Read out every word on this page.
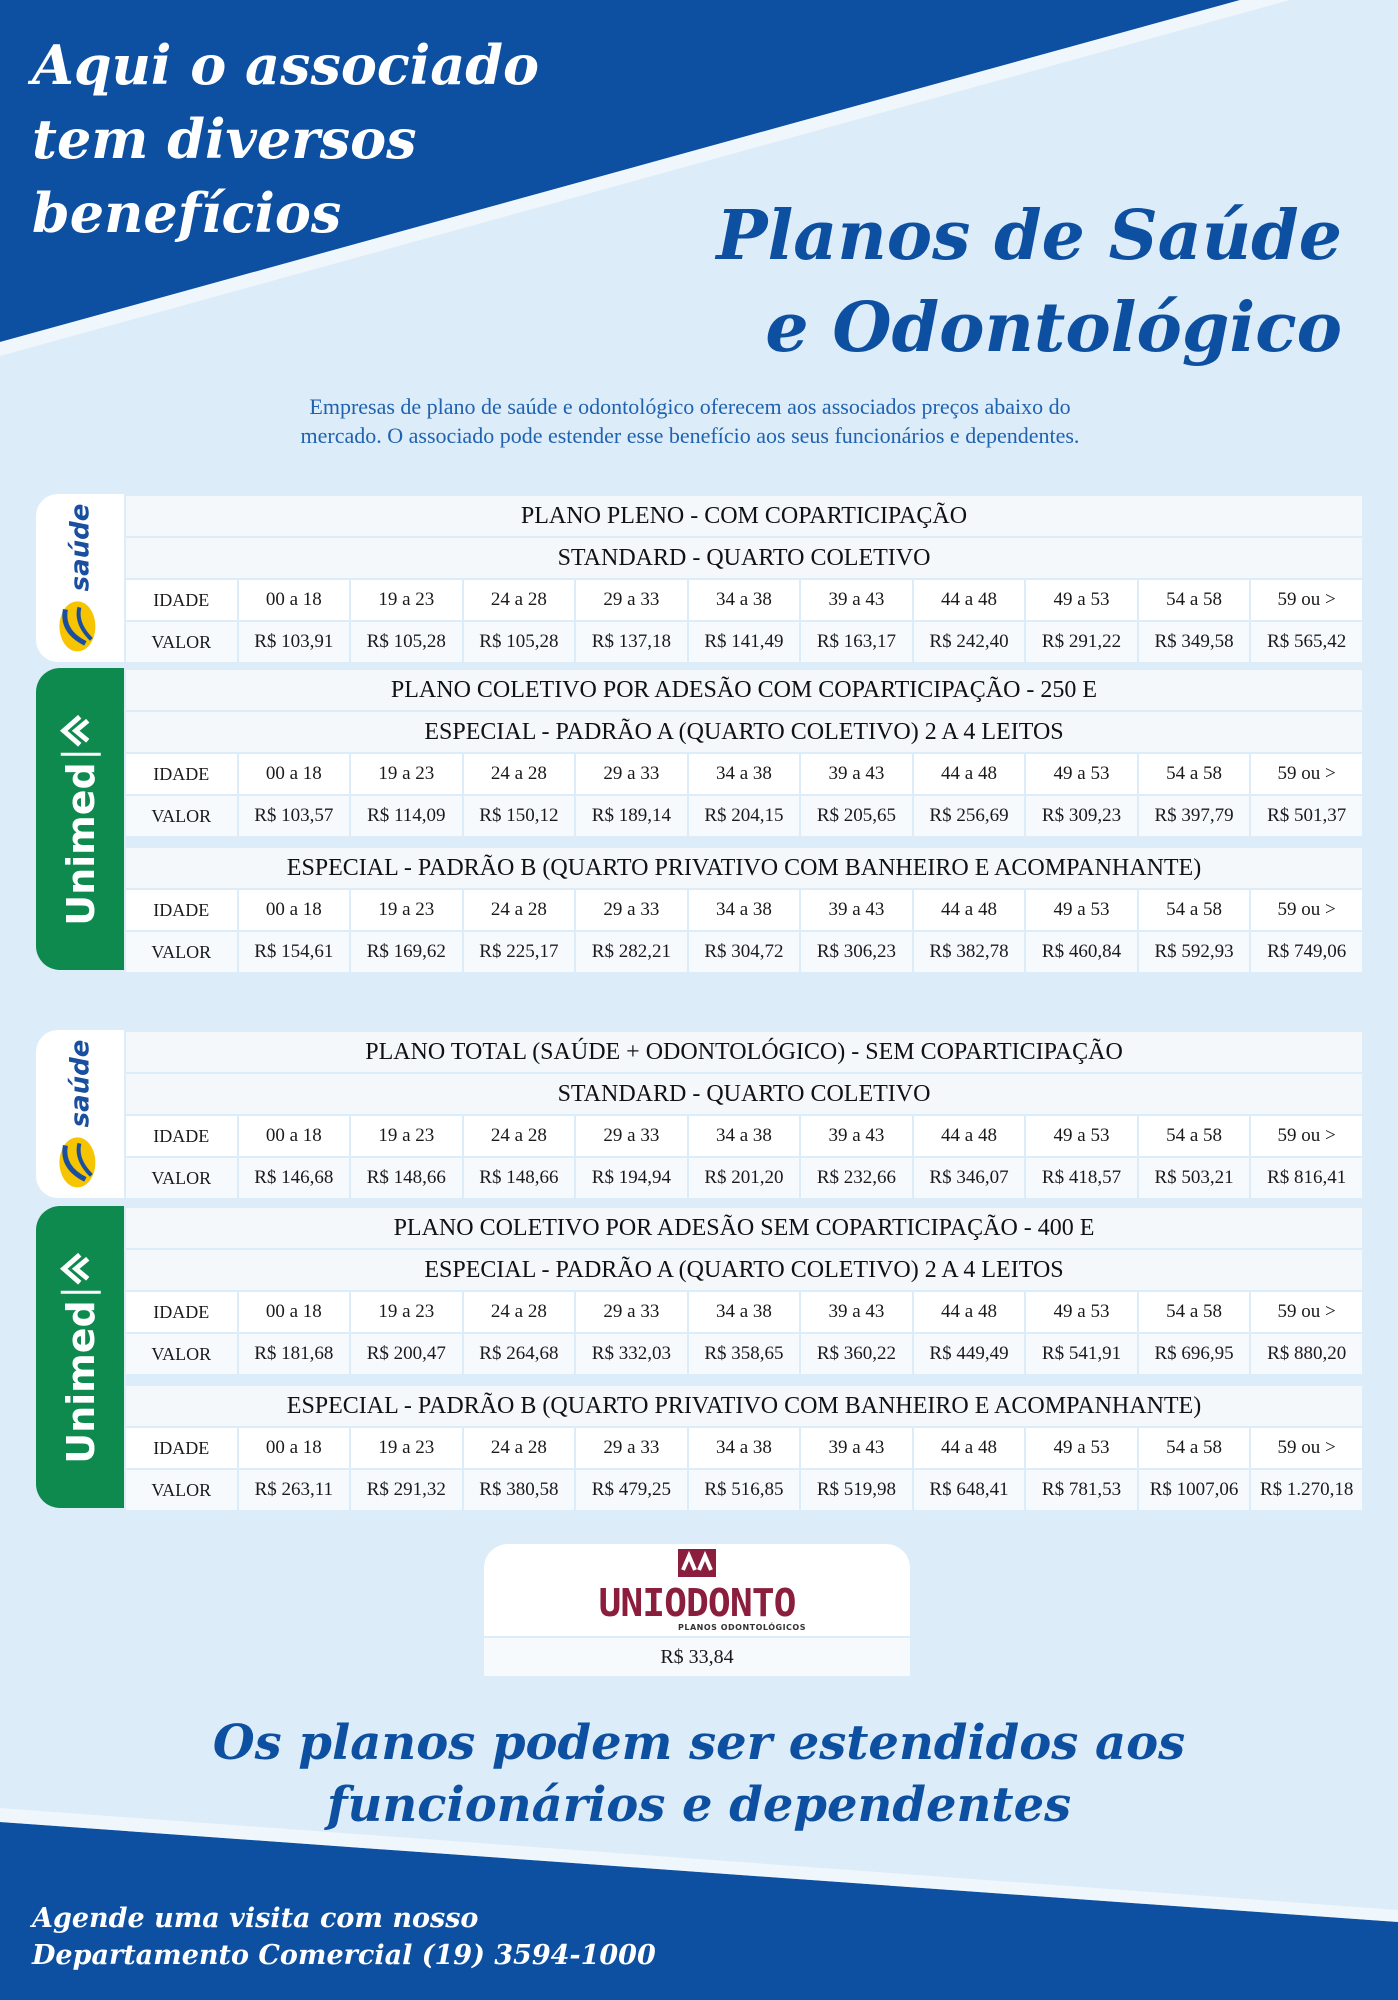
Aqui o associado
tem diversos
benefícios	Planos de Saúde
e Odontológico

Empresas de plano de saúde e odontológico oferecem aos associados preços abaixo do
mercado. O associado pode estender esse benefício aos seus funcionários e dependentes.

saúde	PLANO PLENO - COM COPARTICIPAÇÃO										
STANDARD - QUARTO COLETIVO										
IDADE	00 a 18	19 a 23	24 a 28	29 a 33	34 a 38	39 a 43	44 a 48	49 a 53	54 a 58	59 ou >
VALOR	R$ 103,91	R$ 105,28	R$ 105,28	R$ 137,18	R$ 141,49	R$ 163,17	R$ 242,40	R$ 291,22	R$ 349,58	R$ 565,42
Unimed
PLANO COLETIVO POR ADESÃO COM COPARTICIPAÇÃO - 250 E										
ESPECIAL - PADRÃO A (QUARTO COLETIVO) 2 A 4 LEITOS										
IDADE	00 a 18	19 a 23	24 a 28	29 a 33	34 a 38	39 a 43	44 a 48	49 a 53	54 a 58	59 ou >
VALOR	R$ 103,57	R$ 114,09	R$ 150,12	R$ 189,14	R$ 204,15	R$ 205,65	R$ 256,69	R$ 309,23	R$ 397,79	R$ 501,37
ESPECIAL - PADRÃO B (QUARTO PRIVATIVO COM BANHEIRO E ACOMPANHANTE)										
IDADE	00 a 18	19 a 23	24 a 28	29 a 33	34 a 38	39 a 43	44 a 48	49 a 53	54 a 58	59 ou >
VALOR	R$ 154,61	R$ 169,62	R$ 225,17	R$ 282,21	R$ 304,72	R$ 306,23	R$ 382,78	R$ 460,84	R$ 592,93	R$ 749,06
saúde	PLANO TOTAL (SAÚDE + ODONTOLÓGICO) - SEM COPARTICIPAÇÃO										
STANDARD - QUARTO COLETIVO										
IDADE	00 a 18	19 a 23	24 a 28	29 a 33	34 a 38	39 a 43	44 a 48	49 a 53	54 a 58	59 ou >
VALOR	R$ 146,68	R$ 148,66	R$ 148,66	R$ 194,94	R$ 201,20	R$ 232,66	R$ 346,07	R$ 418,57	R$ 503,21	R$ 816,41
Unimed
PLANO COLETIVO POR ADESÃO SEM COPARTICIPAÇÃO - 400 E										
ESPECIAL - PADRÃO A (QUARTO COLETIVO) 2 A 4 LEITOS										
IDADE	00 a 18	19 a 23	24 a 28	29 a 33	34 a 38	39 a 43	44 a 48	49 a 53	54 a 58	59 ou >
VALOR	R$ 181,68	R$ 200,47	R$ 264,68	R$ 332,03	R$ 358,65	R$ 360,22	R$ 449,49	R$ 541,91	R$ 696,95	R$ 880,20
ESPECIAL - PADRÃO B (QUARTO PRIVATIVO COM BANHEIRO E ACOMPANHANTE)										
IDADE	00 a 18	19 a 23	24 a 28	29 a 33	34 a 38	39 a 43	44 a 48	49 a 53	54 a 58	59 ou >
VALOR	R$ 263,11	R$ 291,32	R$ 380,58	R$ 479,25	R$ 516,85	R$ 519,98	R$ 648,41	R$ 781,53	R$ 1007,06	R$ 1.270,18
UNIODONTO
PLANOS ODONTOLÓGICOS
R$ 33,84
Os planos podem ser estendidos aos
funcionários e dependentes

Agende uma visita com nosso
Departamento Comercial (19) 3594-1000
